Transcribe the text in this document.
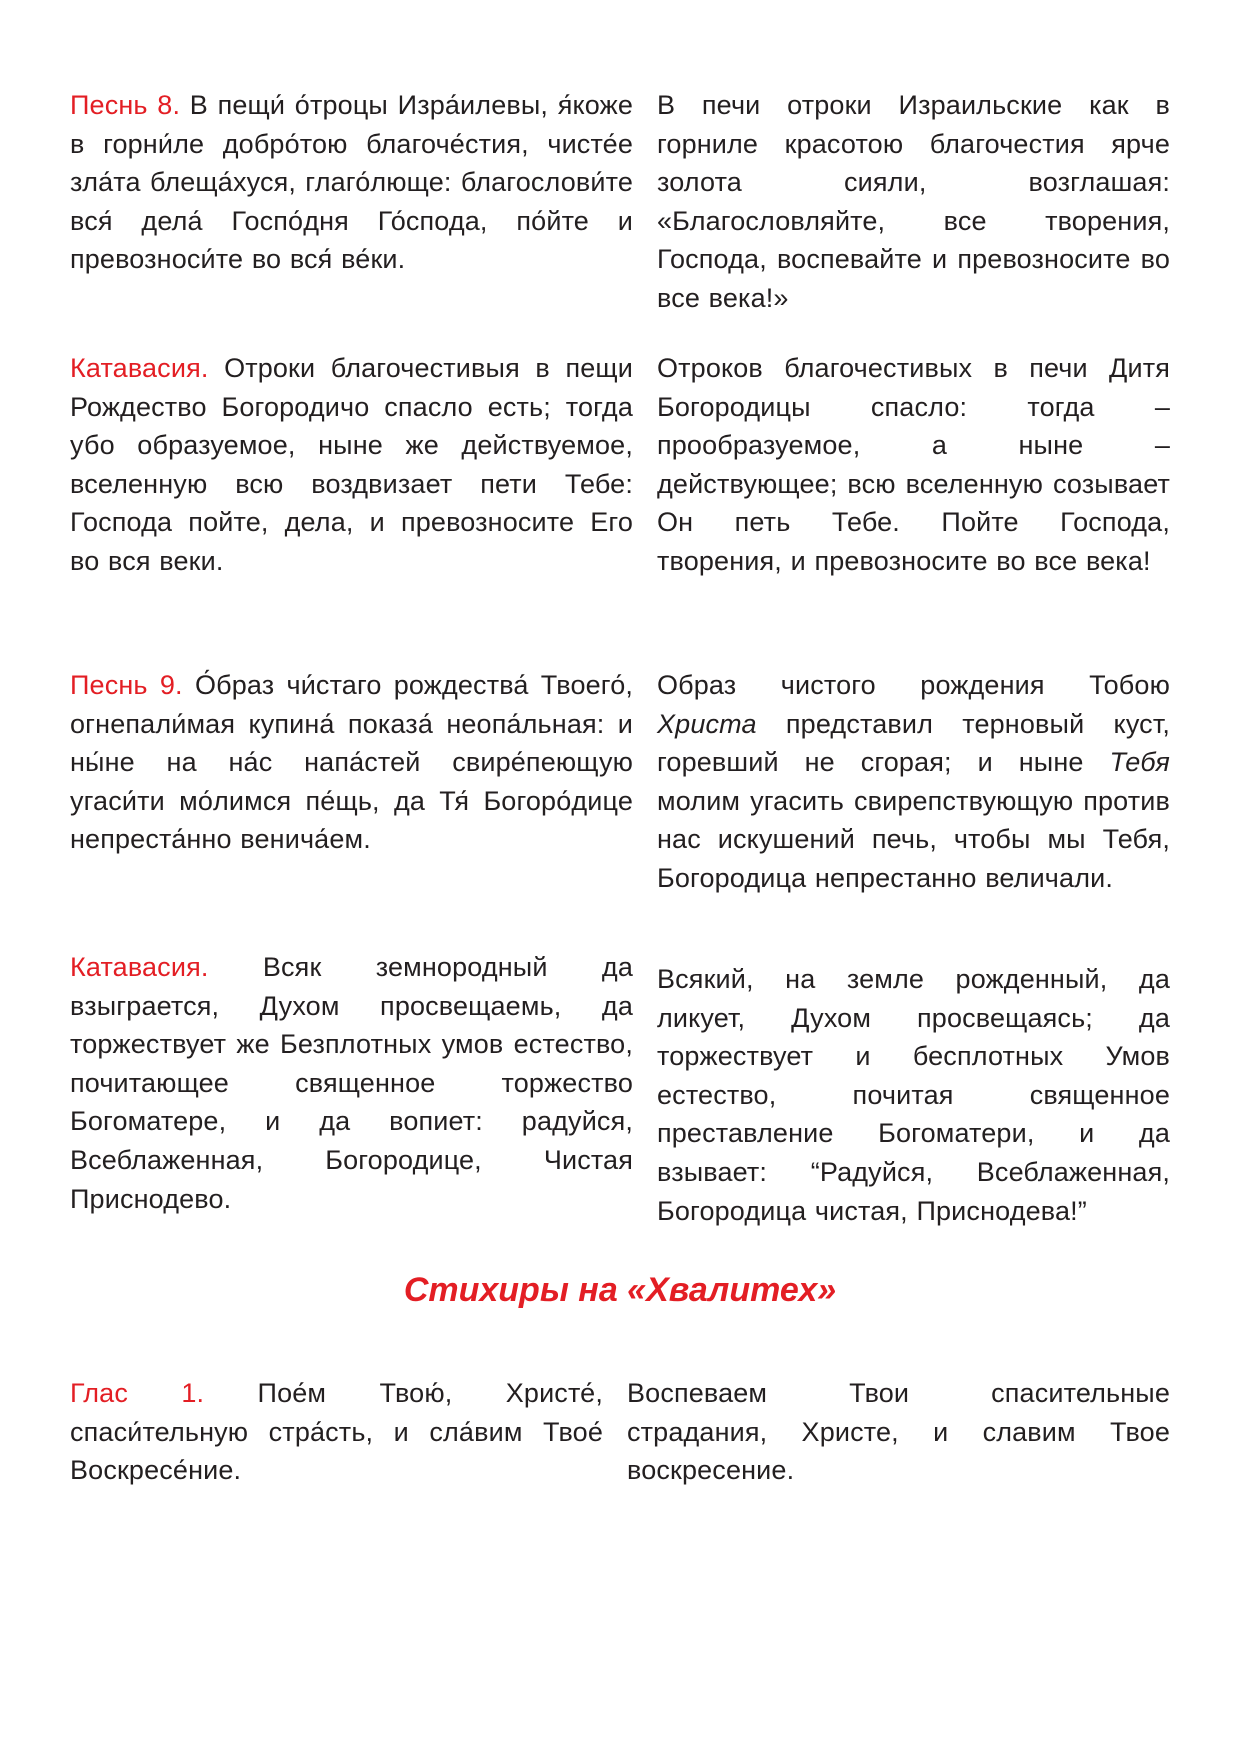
Песнь 8. В пещи́ о́троцы Изра́илевы, я́коже в горни́ле добро́тою благоче́стия, чисте́е зла́та блеща́хуся, глаго́люще: благослови́те вся́ дела́ Госпо́дня Го́спода, по́йте и превозноси́те во вся́ ве́ки.
В печи отроки Израильские как в горниле красотою благочестия ярче золота сияли, возглашая: «Благословляйте, все творения, Господа, воспевайте и превозносите во все века!»
Катавасия. Отроки благочестивыя в пещи Рождество Богородичо спасло есть; тогда убо образуемое, ныне же действуемое, вселенную всю воздвизает пети Тебе: Господа пойте, дела, и превозносите Его во вся веки.
Отроков благочестивых в печи Дитя Богородицы спасло: тогда – прообразуемое, а ныне – действующее; всю вселенную созывает Он петь Тебе. Пойте Господа, творения, и превозносите во все века!
Песнь 9. О́браз чи́стаго рождества́ Твоего́, огнепали́мая купина́ показа́ неопа́льная: и ны́не на на́с напа́стей свире́пеющую угаси́ти мо́лимся пе́щь, да Тя́ Богоро́дице непреста́нно венича́ем.
Образ чистого рождения Тобою Христа представил терновый куст, горевший не сгорая; и ныне Тебя молим угасить свирепствующую против нас искушений печь, чтобы мы Тебя, Богородица непрестанно величали.
Катавасия. Всяк земнородный да взыграется, Духом просвещаемь, да торжествует же Безплотных умов естество, почитающее священное торжество Богоматере, и да вопиет: радуйся, Всеблаженная, Богородице, Чистая Приснодево.
Всякий, на земле рожденный, да ликует, Духом просвещаясь; да торжествует и бесплотных Умов естество, почитая священное преставление Богоматери, и да взывает: “Радуйся, Всеблаженная, Богородица чистая, Приснодева!”
Стихиры на «Хвалитех»
Глас 1. Пое́м Твою́, Христе́, спаси́тельную стра́сть, и сла́вим Твое́ Воскресе́ние.
Воспеваем Твои спасительные страдания, Христе, и славим Твое воскресение.
